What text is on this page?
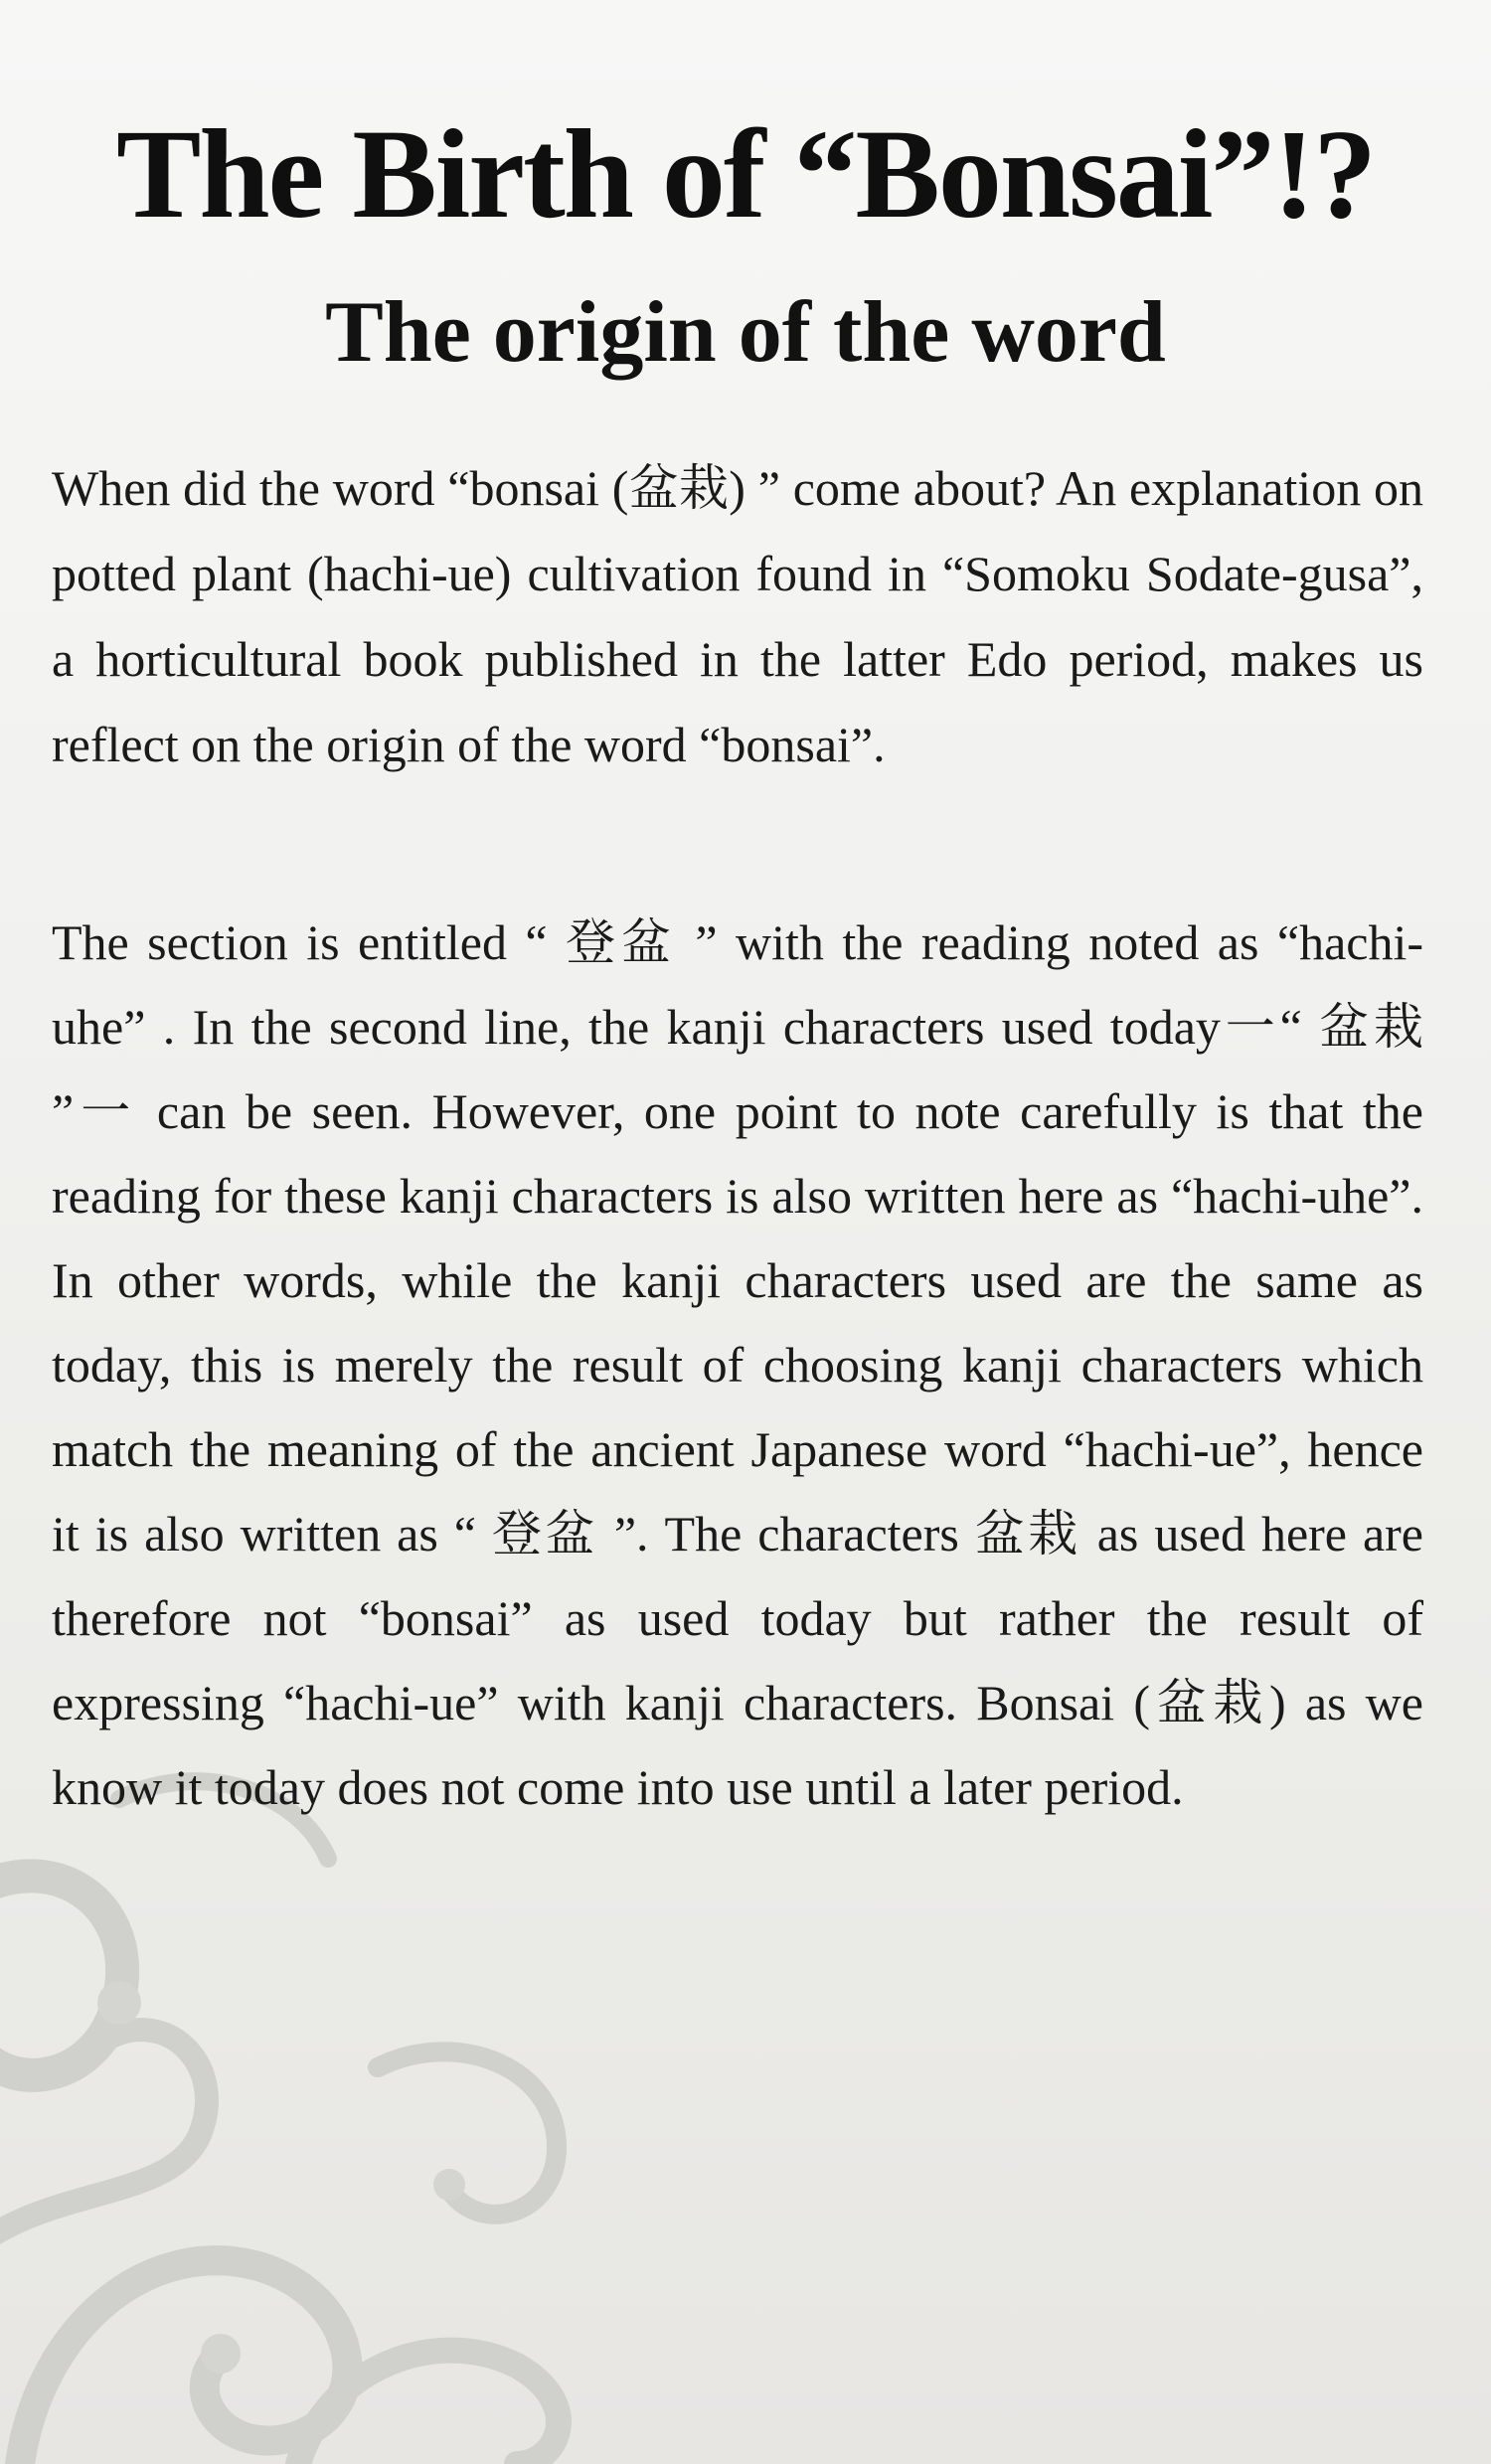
The Birth of “Bonsai”!?
The origin of the word

When did the word “bonsai (盆栽) ” come about? An explanation on potted plant (hachi-ue) cultivation found in “Somoku Sodate-gusa”, a horticultural book published in the latter Edo period, makes us reflect on the origin of the word “bonsai”.

The section is entitled “ 登盆 ” with the reading noted as “hachi-uhe” . In the second line, the kanji characters used today一“ 盆栽 ”一 can be seen. However, one point to note carefully is that the reading for these kanji characters is also written here as “hachi-uhe”. In other words, while the kanji characters used are the same as today, this is merely the result of choosing kanji characters which match the meaning of the ancient Japanese word “hachi-ue”, hence it is also written as “ 登盆 ”. The characters 盆栽 as used here are therefore not “bonsai” as used today but rather the result of expressing “hachi-ue” with kanji characters. Bonsai (盆栽) as we know it today does not come into use until a later period.
